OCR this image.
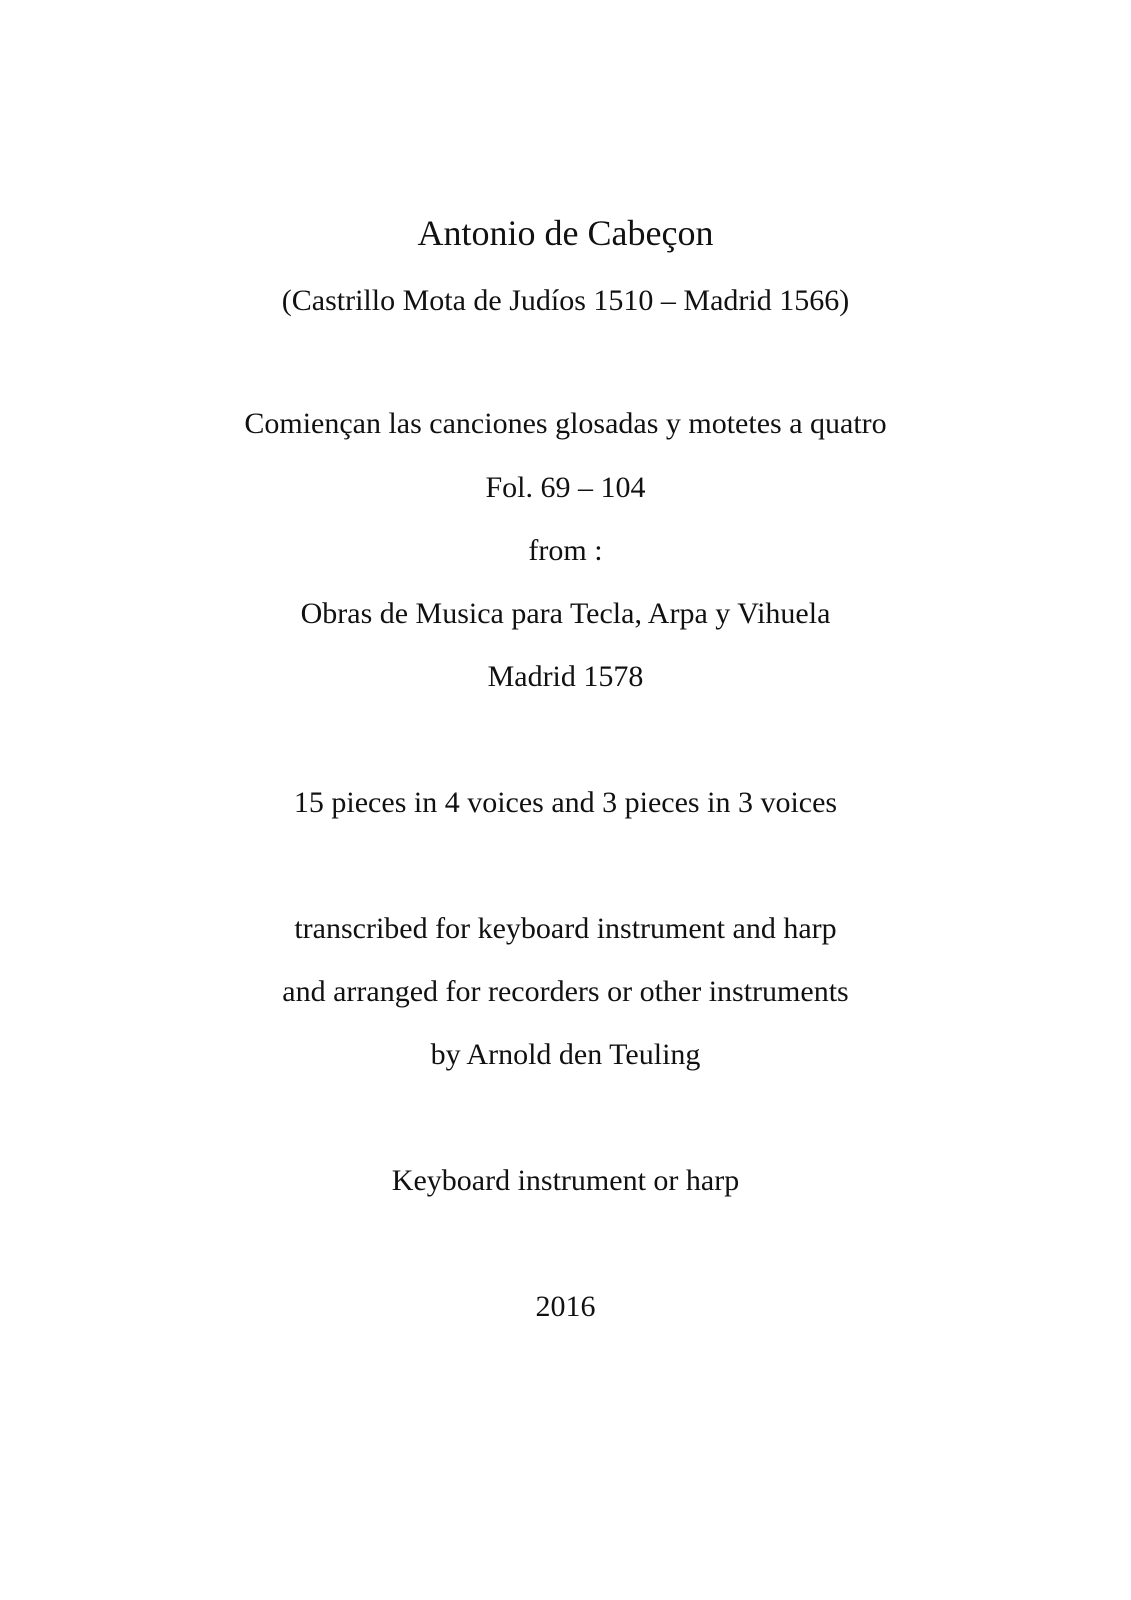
Antonio de Cabeçon
(Castrillo Mota de Judíos 1510 – Madrid 1566)
Comiençan las canciones glosadas y motetes a quatro
Fol. 69 – 104
from :
Obras de Musica para Tecla, Arpa y Vihuela
Madrid 1578
15 pieces in 4 voices and 3 pieces in 3 voices
transcribed for keyboard instrument and harp
and arranged for recorders or other instruments
by Arnold den Teuling
Keyboard instrument or harp
2016
